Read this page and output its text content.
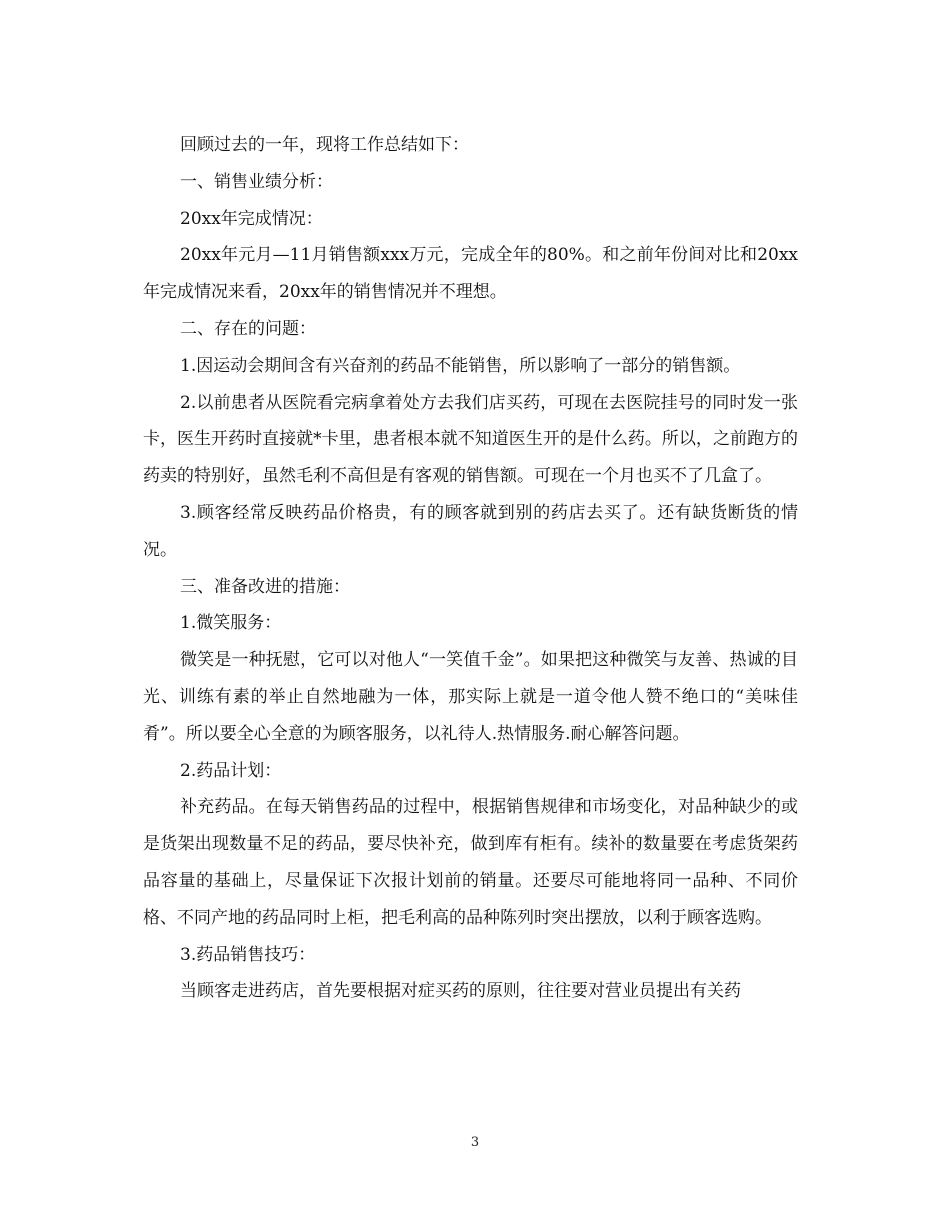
回顾过去的一年，现将工作总结如下：

一、销售业绩分析：

20xx年完成情况：

20xx年元月—11月销售额xxx万元，完成全年的80%。和之前年份间对比和20xx年完成情况来看，20xx年的销售情况并不理想。

二、存在的问题：

1.因运动会期间含有兴奋剂的药品不能销售，所以影响了一部分的销售额。

2.以前患者从医院看完病拿着处方去我们店买药，可现在去医院挂号的同时发一张卡，医生开药时直接就*卡里，患者根本就不知道医生开的是什么药。所以，之前跑方的药卖的特别好，虽然毛利不高但是有客观的销售额。可现在一个月也买不了几盒了。

3.顾客经常反映药品价格贵，有的顾客就到别的药店去买了。还有缺货断货的情况。

三、准备改进的措施：

1.微笑服务：

微笑是一种抚慰，它可以对他人“一笑值千金”。如果把这种微笑与友善、热诚的目光、训练有素的举止自然地融为一体，那实际上就是一道令他人赞不绝口的“美味佳肴”。所以要全心全意的为顾客服务，以礼待人.热情服务.耐心解答问题。

2.药品计划：

补充药品。在每天销售药品的过程中，根据销售规律和市场变化，对品种缺少的或是货架出现数量不足的药品，要尽快补充，做到库有柜有。续补的数量要在考虑货架药品容量的基础上，尽量保证下次报计划前的销量。还要尽可能地将同一品种、不同价格、不同产地的药品同时上柜，把毛利高的品种陈列时突出摆放，以利于顾客选购。

3.药品销售技巧：

当顾客走进药店，首先要根据对症买药的原则，往往要对营业员提出有关药

3
